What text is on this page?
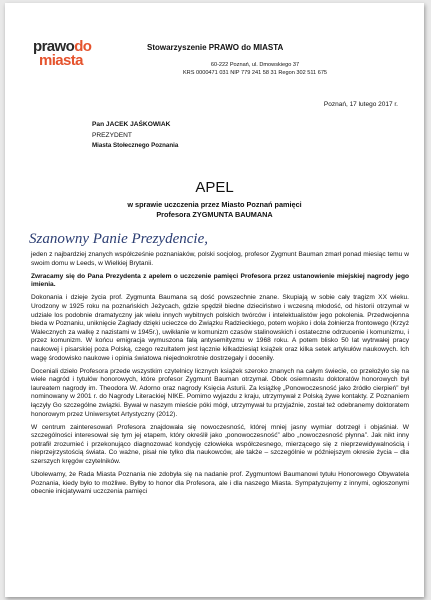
prawodo
miasta
Stowarzyszenie PRAWO do MIASTA
60-222 Poznań, ul. Dmowskiego 37
KRS 0000471 031 NIP 779 241 58 31 Regon 302 511 675
Poznań, 17 lutego 2017 r.
Pan JACEK JAŚKOWIAK
PREZYDENT
Miasta Stołecznego Poznania
APEL
w sprawie uczczenia przez Miasto Poznań pamięci
Profesora ZYGMUNTA BAUMANA
Szanowny Panie Prezydencie,

jeden z najbardziej znanych współcześnie poznaniaków, polski socjolog, profesor Zygmunt Bauman zmarł ponad miesiąc temu w swoim domu w Leeds, w Wielkiej Brytanii.

Zwracamy się do Pana Prezydenta z apelem o uczczenie pamięci Profesora przez ustanowienie miejskiej nagrody jego imienia.

Dokonania i dzieje życia prof. Zygmunta Baumana są dość powszechnie znane. Skupiają w sobie cały tragizm XX wieku. Urodzony w 1925 roku na poznańskich Jeżycach, gdzie spędził biedne dzieciństwo i wczesną młodość, od historii otrzymał w udziale los podobnie dramatyczny jak wielu innych wybitnych polskich twórców i intelektualistów jego pokolenia. Przedwojenna bieda w Poznaniu, uniknięcie Zagłady dzięki ucieczce do Związku Radzieckiego, potem wojsko i dola żołnierza frontowego (Krzyż Walecznych za walkę z nazistami w 1945r.), uwikłanie w komunizm czasów stalinowskich i ostateczne odrzucenie i komunizmu, i przez komunizm. W końcu emigracja wymuszona falą antysemityzmu w 1968 roku. A potem blisko 50 lat wytrwałej pracy naukowej i pisarskiej poza Polską, czego rezultatem jest łącznie kilkadziesiąt książek oraz kilka setek artykułów naukowych. Ich wagę środowisko naukowe i opinia światowa niejednokrotnie dostrzegały i doceniły.

Doceniali dzieło Profesora przede wszystkim czytelnicy licznych książek szeroko znanych na całym świecie, co przełożyło się na wiele nagród i tytułów honorowych, które profesor Zygmunt Bauman otrzymał. Obok osiemnastu doktoratów honorowych był laureatem nagrody im. Theodora W. Adorno oraz nagrody Księcia Asturii. Za książkę „Ponowoczesność jako źródło cierpień” był nominowany w 2001 r. do Nagrody Literackiej NIKE. Pomimo wyjazdu z kraju, utrzymywał z Polską żywe kontakty. Z Poznaniem łączyły Go szczególne związki. Bywał w naszym mieście póki mógł, utrzymywał tu przyjaźnie, został też odebranemy doktoratem honorowym przez Uniwersytet Artystyczny (2012).

W centrum zainteresowań Profesora znajdowała się nowoczesność, której mniej jasny wymiar dotrzegł i objaśniał. W szczególności interesował się tym jej etapem, który określił jako „ponowoczesność” albo „nowoczesność płynna”. Jak nikt inny potrafił zrozumieć i przekonująco diagnozować kondycję człowieka współczesnego, mierzącego się z nieprzewidywalnością i nieprzejrzystością świata. Co ważne, pisał nie tylko dla naukowców, ale także – szczególnie w późniejszym okresie życia – dla szerszych kręgów czytelników.

Ubolewamy, że Rada Miasta Poznania nie zdobyła się na nadanie prof. Zygmuntowi Baumanowi tytułu Honorowego Obywatela Poznania, kiedy było to możliwe. Byłby to honor dla Profesora, ale i dla naszego Miasta. Sympatyzujemy z innymi, ogłoszonymi obecnie inicjatywami uczczenia pamięci
